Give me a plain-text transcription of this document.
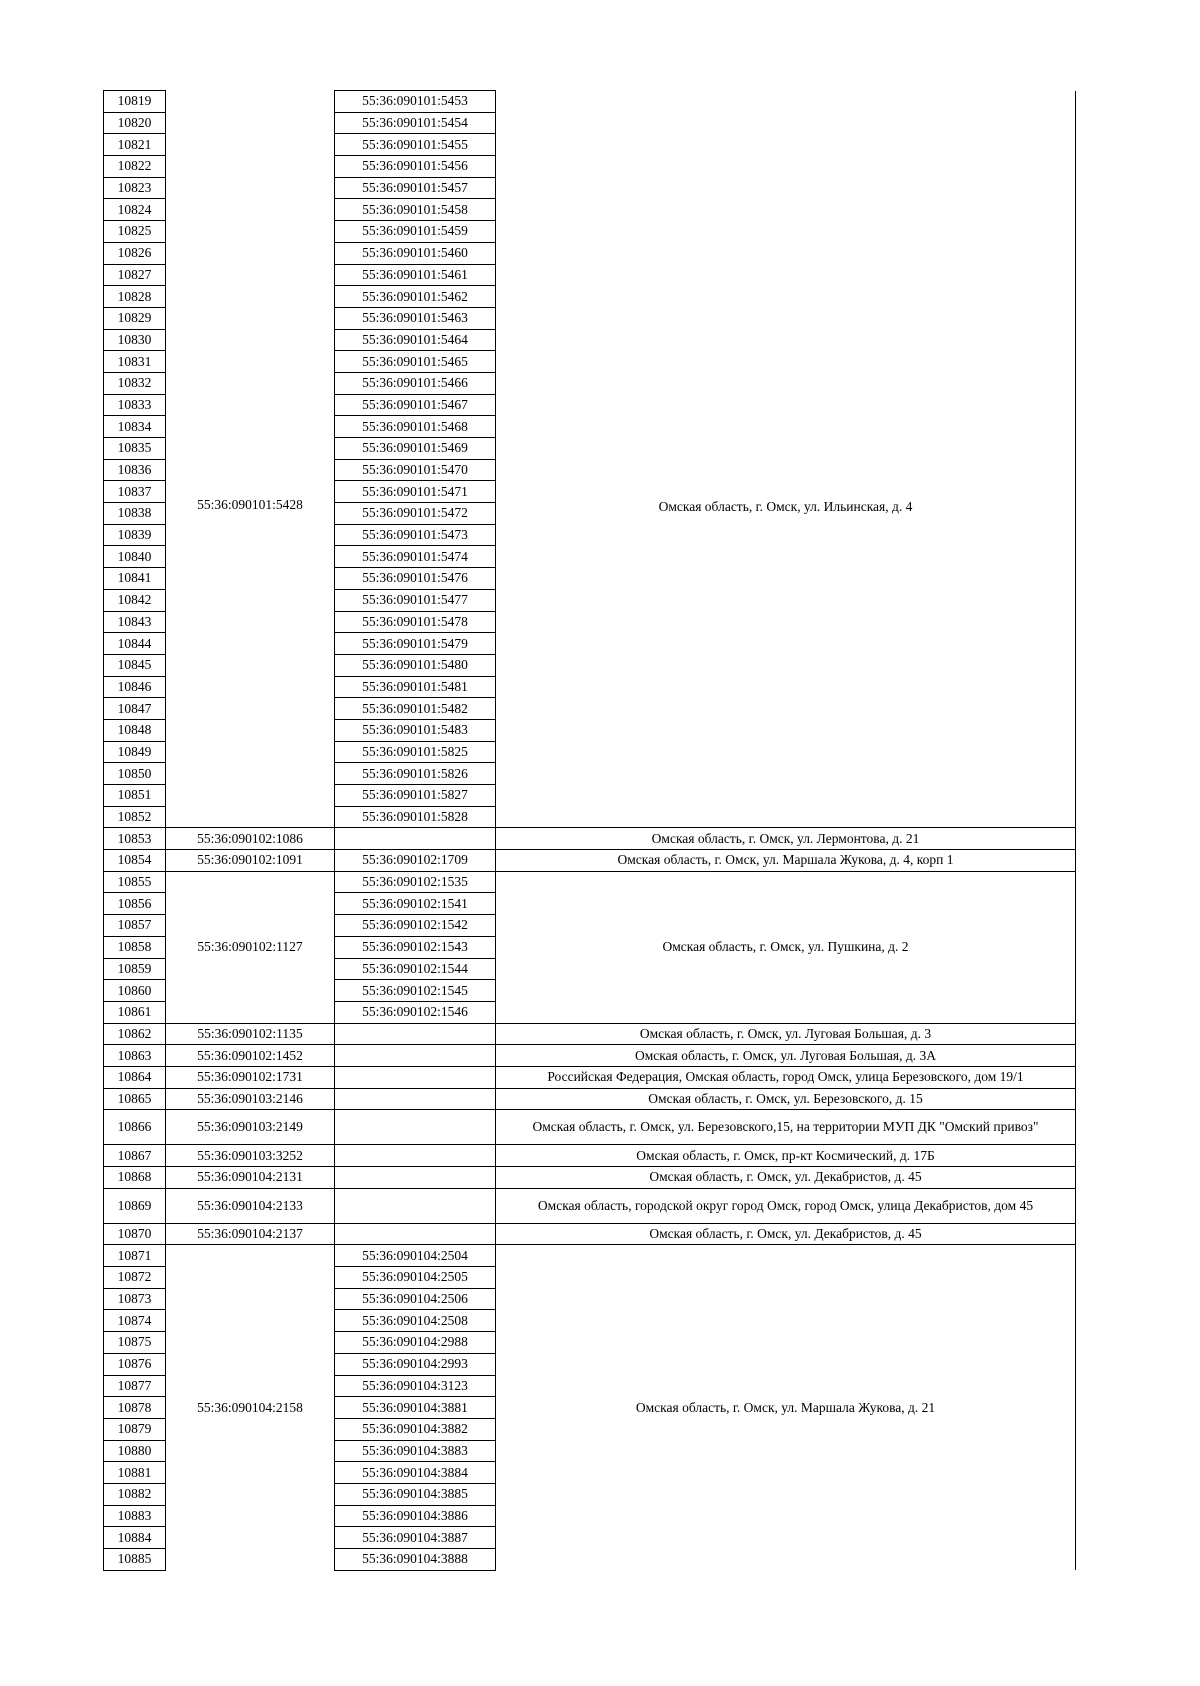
10819	55:36:090101:5428	55:36:090101:5453	Омская область, г. Омск, ул. Ильинская, д. 4
10820		55:36:090101:5454	
10821		55:36:090101:5455	
10822		55:36:090101:5456	
10823		55:36:090101:5457	
10824		55:36:090101:5458	
10825		55:36:090101:5459	
10826		55:36:090101:5460	
10827		55:36:090101:5461	
10828		55:36:090101:5462	
10829		55:36:090101:5463	
10830		55:36:090101:5464	
10831		55:36:090101:5465	
10832		55:36:090101:5466	
10833		55:36:090101:5467	
10834		55:36:090101:5468	
10835		55:36:090101:5469	
10836		55:36:090101:5470	
10837		55:36:090101:5471	
10838		55:36:090101:5472	
10839		55:36:090101:5473	
10840		55:36:090101:5474	
10841		55:36:090101:5476	
10842		55:36:090101:5477	
10843		55:36:090101:5478	
10844		55:36:090101:5479	
10845		55:36:090101:5480	
10846		55:36:090101:5481	
10847		55:36:090101:5482	
10848		55:36:090101:5483	
10849		55:36:090101:5825	
10850		55:36:090101:5826	
10851		55:36:090101:5827	
10852		55:36:090101:5828	
10853	55:36:090102:1086		Омская область, г. Омск, ул. Лермонтова, д. 21
10854	55:36:090102:1091	55:36:090102:1709	Омская область, г. Омск, ул. Маршала Жукова, д. 4, корп 1
10855	55:36:090102:1127	55:36:090102:1535	Омская область, г. Омск, ул. Пушкина, д. 2
10856		55:36:090102:1541	
10857		55:36:090102:1542	
10858		55:36:090102:1543	
10859		55:36:090102:1544	
10860		55:36:090102:1545	
10861		55:36:090102:1546	
10862	55:36:090102:1135		Омская область, г. Омск, ул. Луговая Большая, д. 3
10863	55:36:090102:1452		Омская область, г. Омск, ул. Луговая Большая, д. 3А
10864	55:36:090102:1731		Российская Федерация, Омская область, город Омск, улица Березовского, дом 19/1
10865	55:36:090103:2146		Омская область, г. Омск, ул. Березовского, д. 15
10866	55:36:090103:2149		Омская область, г. Омск, ул. Березовского,15, на территории МУП ДК "Омский привоз"
10867	55:36:090103:3252		Омская область, г. Омск, пр-кт Космический, д. 17Б
10868	55:36:090104:2131		Омская область, г. Омск, ул. Декабристов, д. 45
10869	55:36:090104:2133		Омская область, городской округ город Омск, город Омск, улица Декабристов, дом 45
10870	55:36:090104:2137		Омская область, г. Омск, ул. Декабристов, д. 45
10871	55:36:090104:2158	55:36:090104:2504	Омская область, г. Омск, ул. Маршала Жукова, д. 21
10872		55:36:090104:2505	
10873		55:36:090104:2506	
10874		55:36:090104:2508	
10875		55:36:090104:2988	
10876		55:36:090104:2993	
10877		55:36:090104:3123	
10878		55:36:090104:3881	
10879		55:36:090104:3882	
10880		55:36:090104:3883	
10881		55:36:090104:3884	
10882		55:36:090104:3885	
10883		55:36:090104:3886	
10884		55:36:090104:3887	
10885		55:36:090104:3888	
